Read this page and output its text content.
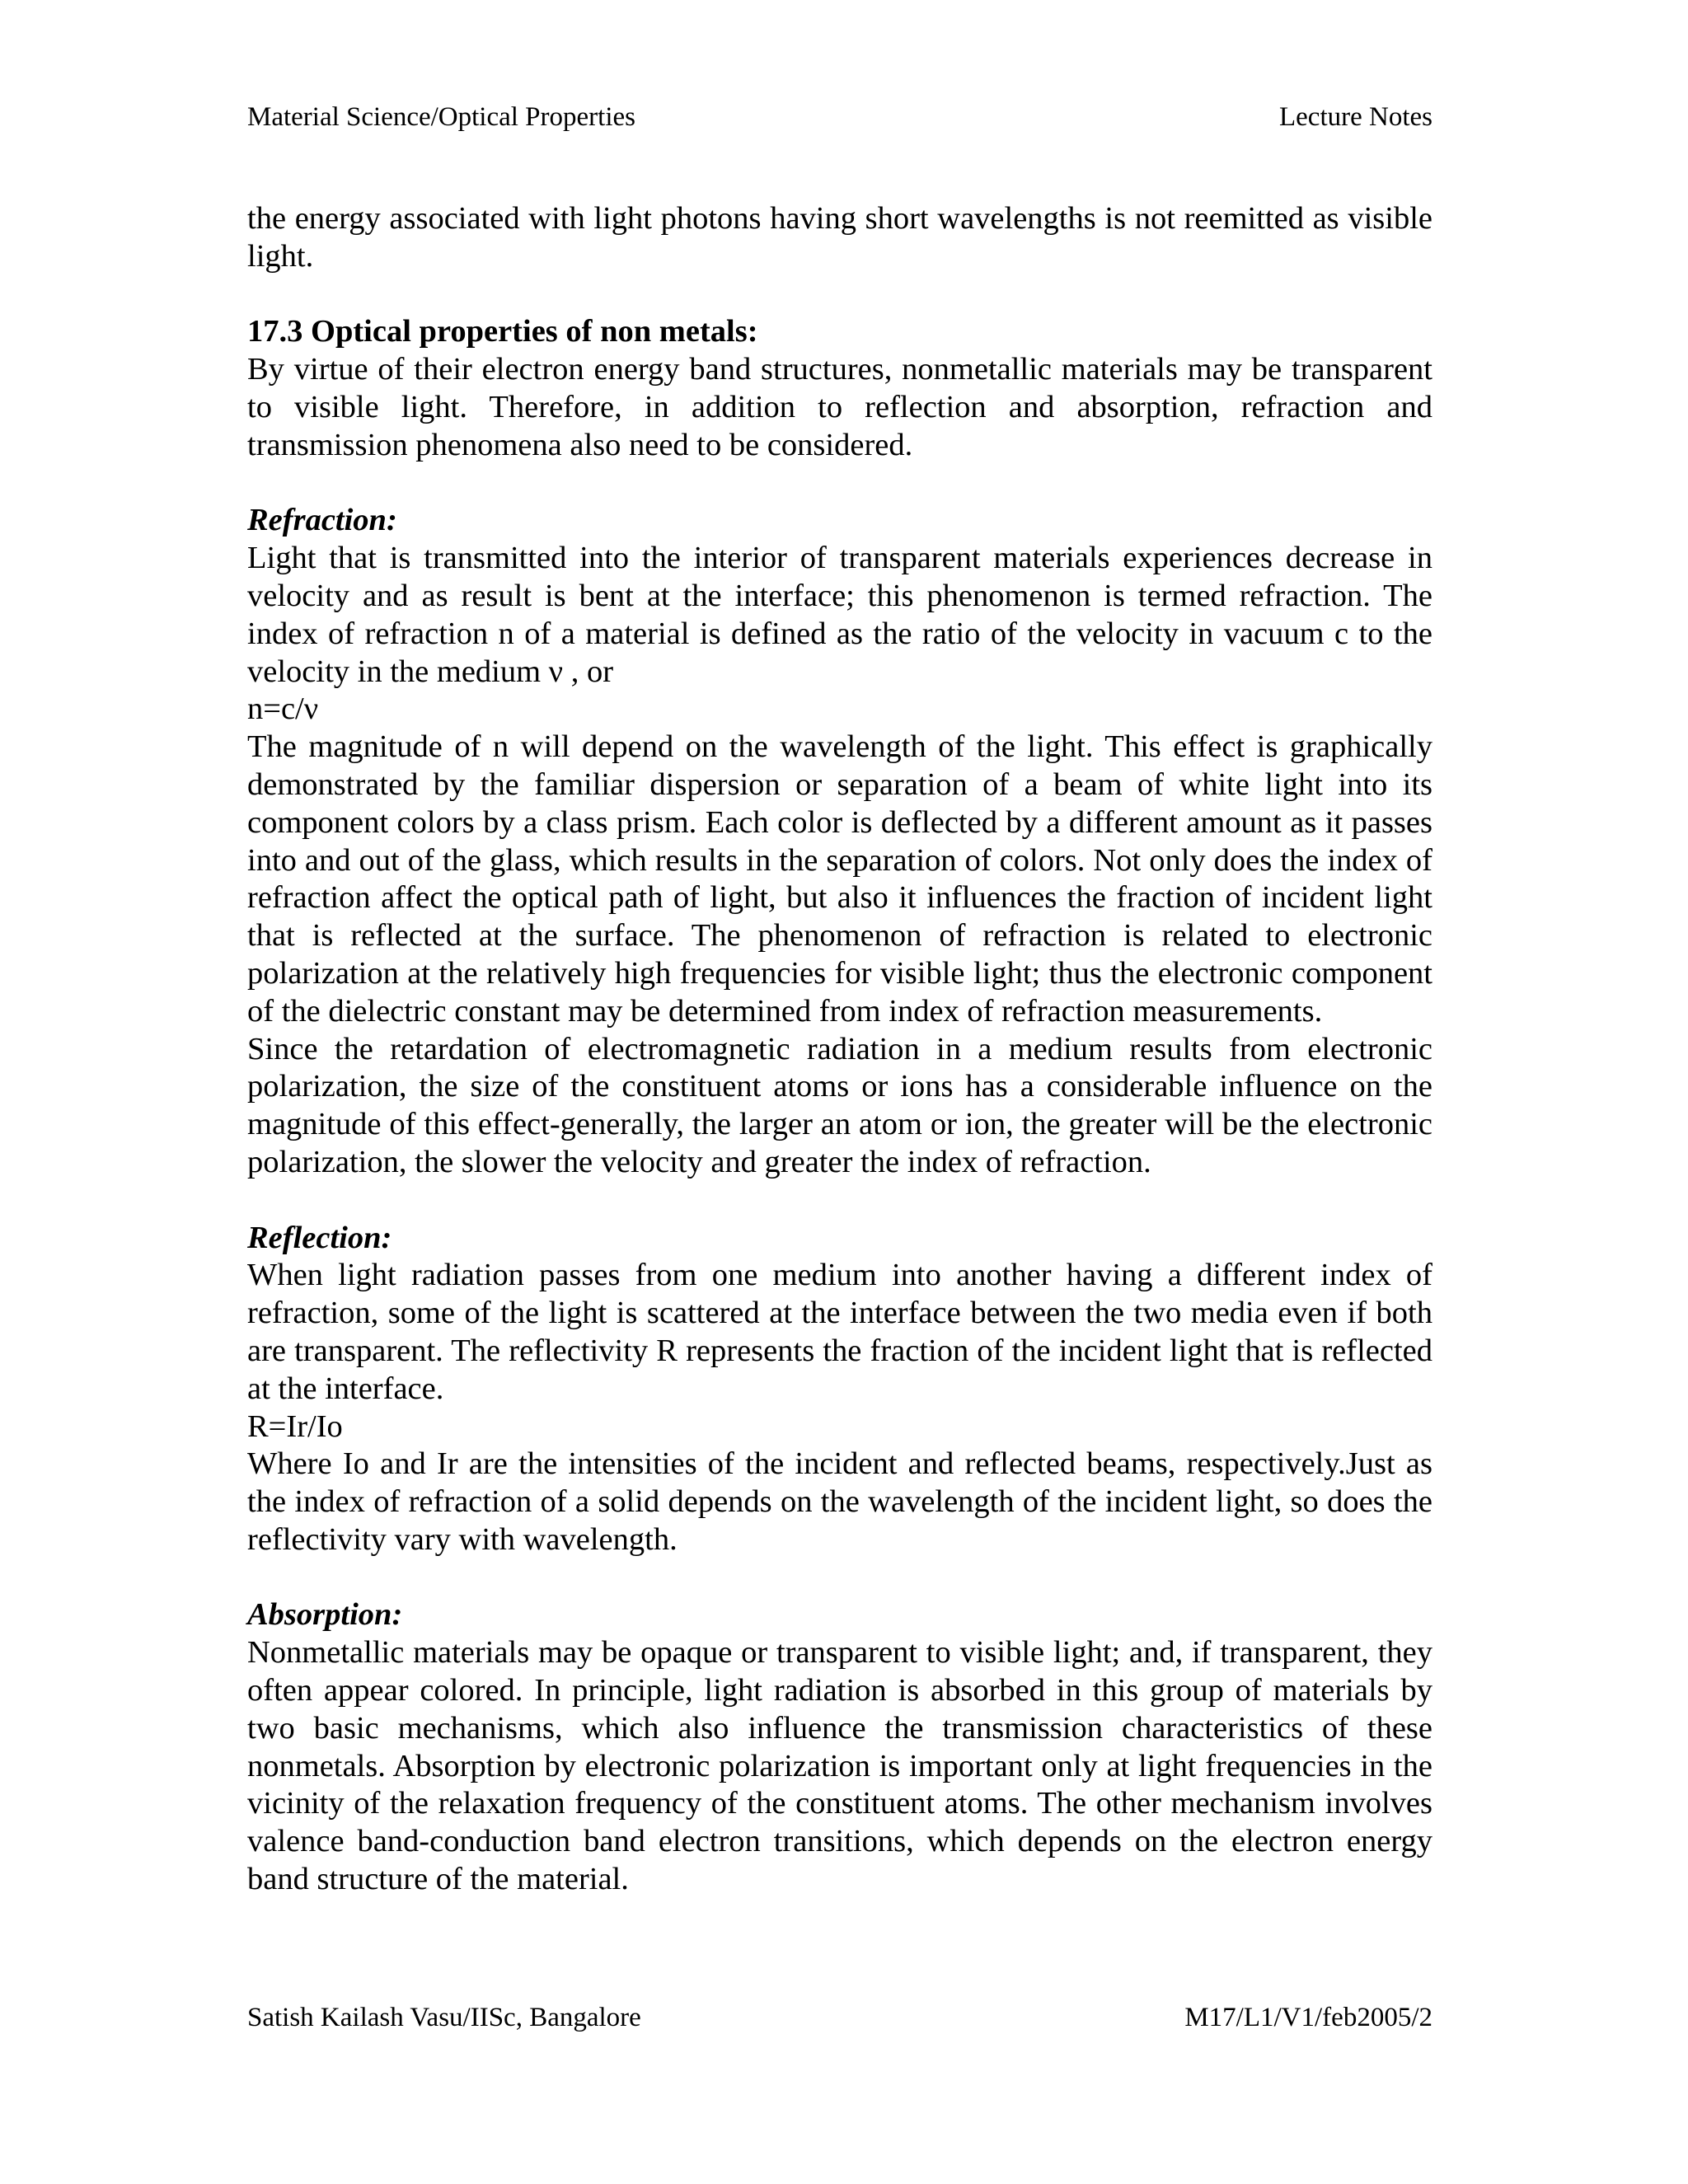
Material Science/Optical Properties	Lecture Notes

the energy associated with light photons having short wavelengths is not reemitted as visible light.

17.3 Optical properties of non metals:

By virtue of their electron energy band structures, nonmetallic materials may be transparent to visible light. Therefore, in addition to reflection and absorption, refraction and transmission phenomena also need to be considered.

Refraction:

Light that is transmitted into the interior of transparent materials experiences decrease in velocity and as result is bent at the interface; this phenomenon is termed refraction. The index of refraction n of a material is defined as the ratio of the velocity in vacuum c to the velocity in the medium ν , or

n=c/ν

The magnitude of n will depend on the wavelength of the light. This effect is graphically demonstrated by the familiar dispersion or separation of a beam of white light into its component colors by a class prism. Each color is deflected by a different amount as it passes into and out of the glass, which results in the separation of colors. Not only does the index of refraction affect the optical path of light, but also it influences the fraction of incident light that is reflected at the surface. The phenomenon of refraction is related to electronic polarization at the relatively high frequencies for visible light; thus the electronic component of the dielectric constant may be determined from index of refraction measurements.

Since the retardation of electromagnetic radiation in a medium results from electronic polarization, the size of the constituent atoms or ions has a considerable influence on the magnitude of this effect-generally, the larger an atom or ion, the greater will be the electronic polarization, the slower the velocity and greater the index of refraction.

Reflection:

When light radiation passes from one medium into another having a different index of refraction, some of the light is scattered at the interface between the two media even if both are transparent. The reflectivity R represents the fraction of the incident light that is reflected at the interface.

R=Ir/Io

Where Io and Ir are the intensities of the incident and reflected beams, respectively.Just as the index of refraction of a solid depends on the wavelength of the incident light, so does the reflectivity vary with wavelength.

Absorption:

Nonmetallic materials may be opaque or transparent to visible light; and, if transparent, they often appear colored. In principle, light radiation is absorbed in this group of materials by two basic mechanisms, which also influence the transmission characteristics of these nonmetals. Absorption by electronic polarization is important only at light frequencies in the vicinity of the relaxation frequency of the constituent atoms. The other mechanism involves valence band-conduction band electron transitions, which depends on the electron energy band structure of the material.

Satish Kailash Vasu/IISc, Bangalore	M17/L1/V1/feb2005/2
